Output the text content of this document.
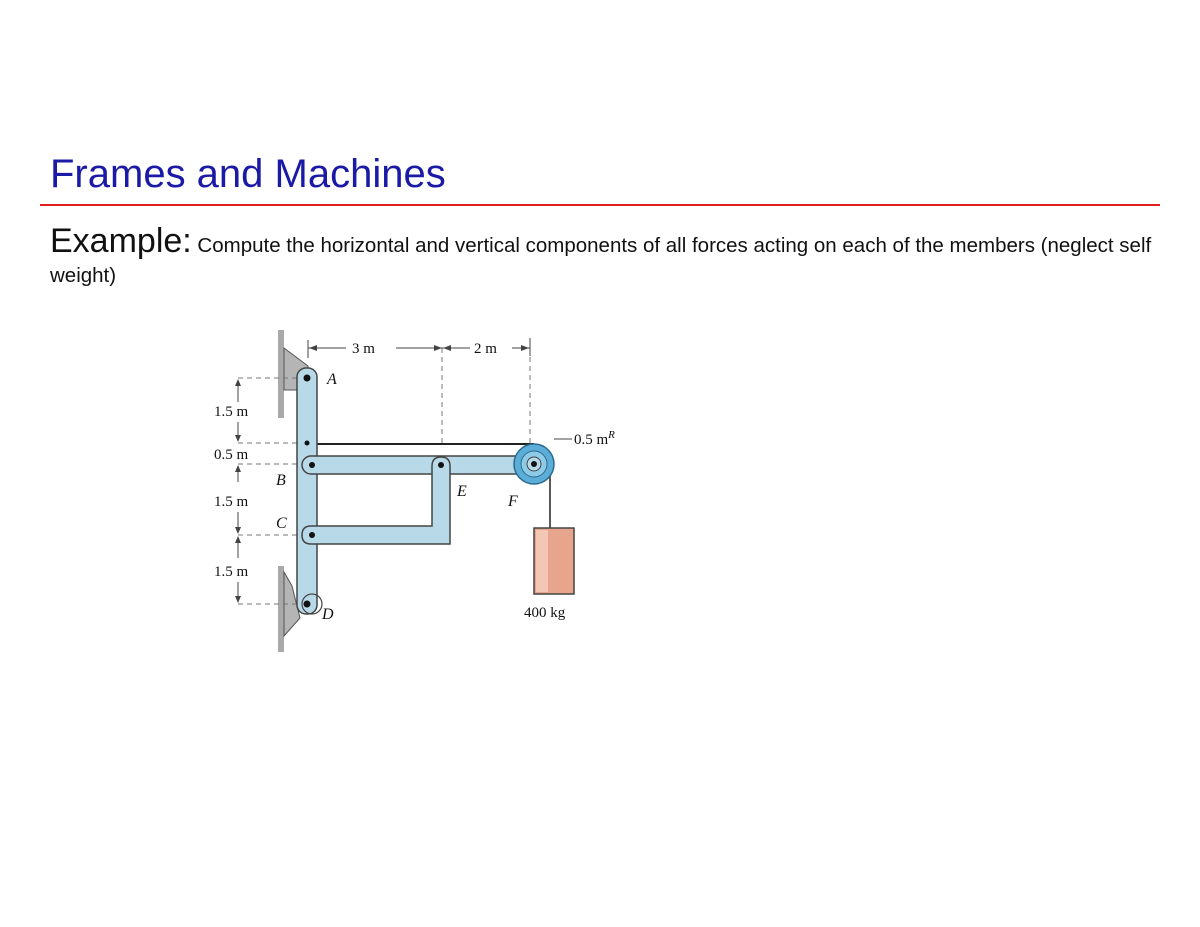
Frames and Machines
Example: Compute the horizontal and vertical components of all forces acting on each of the members (neglect self weight)
3 m	2 m
1.5 m
0.5 m
1.5 m
1.5 m
0.5 $m^R$
400 kg
A
B
C
D
E
F
